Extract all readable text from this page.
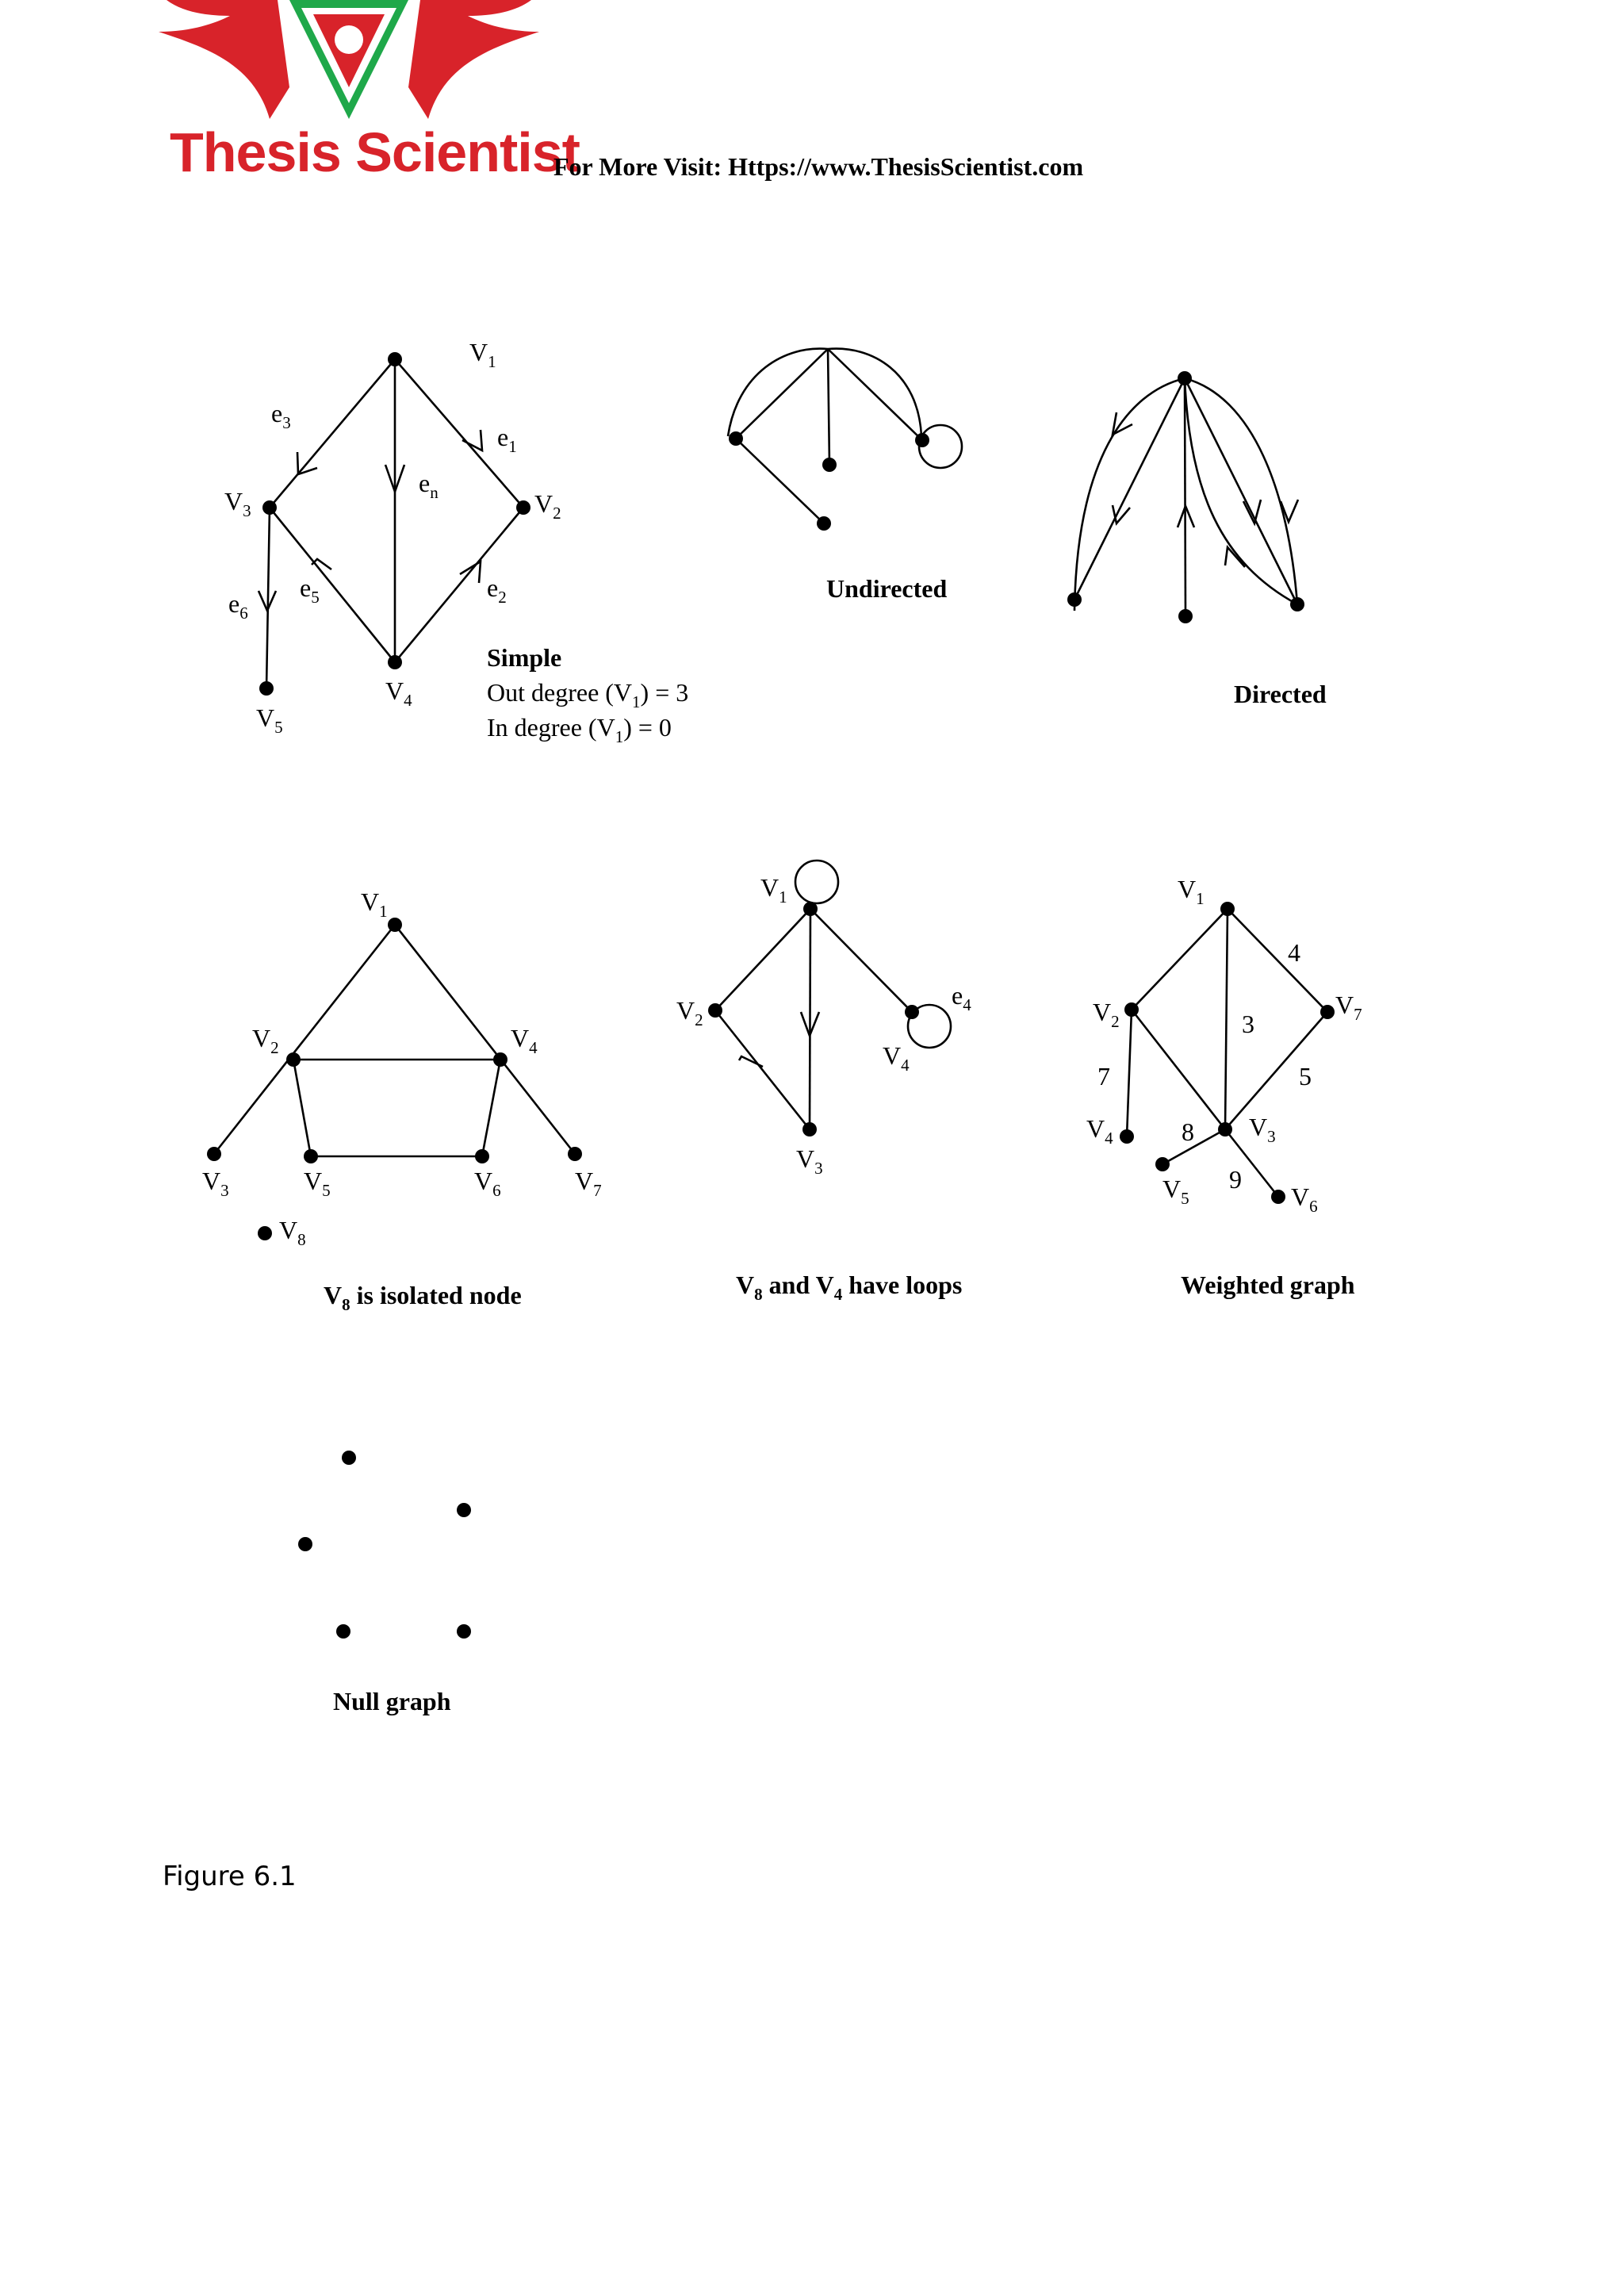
Thesis Scientist
For More Visit: Https://www.ThesisScientist.com
$V_1$
$V_2$
$V_3$
$V_4$
$V_5$
$e_3$	$e_1$
$e_n$
$e_5$	$e_2$
$e_6$
Simple
Out degree $(V_1) = 3$
In degree $(V_1) = 0$
Undirected
Directed
$V_1$
$V_2$	$V_4$
$V_3$	$V_5$	$V_6$	$V_7$
$V_8$
$V_8$ is isolated node
$V_1$
$V_2$
$V_3$
$V_4$
$e_4$
$V_8$ and $V_4$ have loops
$V_1$
$V_2$
$V_7$
$V_3$
$V_4$
$V_5$	$V_6$
4
3
7	5
8
9
Weighted graph
Null graph
Figure 6.1
